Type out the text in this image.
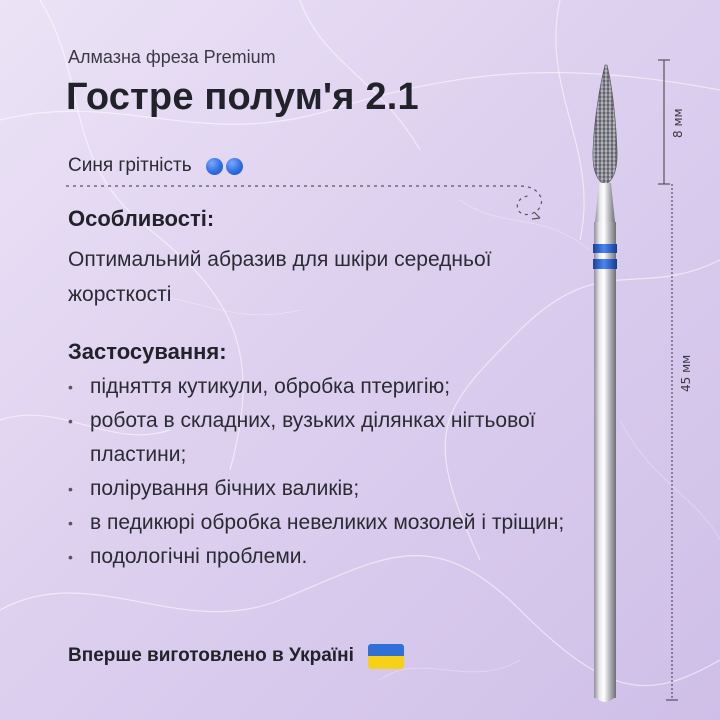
Алмазна фреза Premium
Гостре полум'я 2.1
Синя грітність
Особливості:
Оптимальний абразив для шкіри середньої жорсткості
Застосування:
• підняття кутикули, обробка птеригію;
• робота в складних, вузьких ділянках нігтьової пластини;
• полірування бічних валиків;
• в педикюрі обробка невеликих мозолей і тріщин;
• подологічні проблеми.
Вперше виготовлено в Україні
8 мм
45 мм
